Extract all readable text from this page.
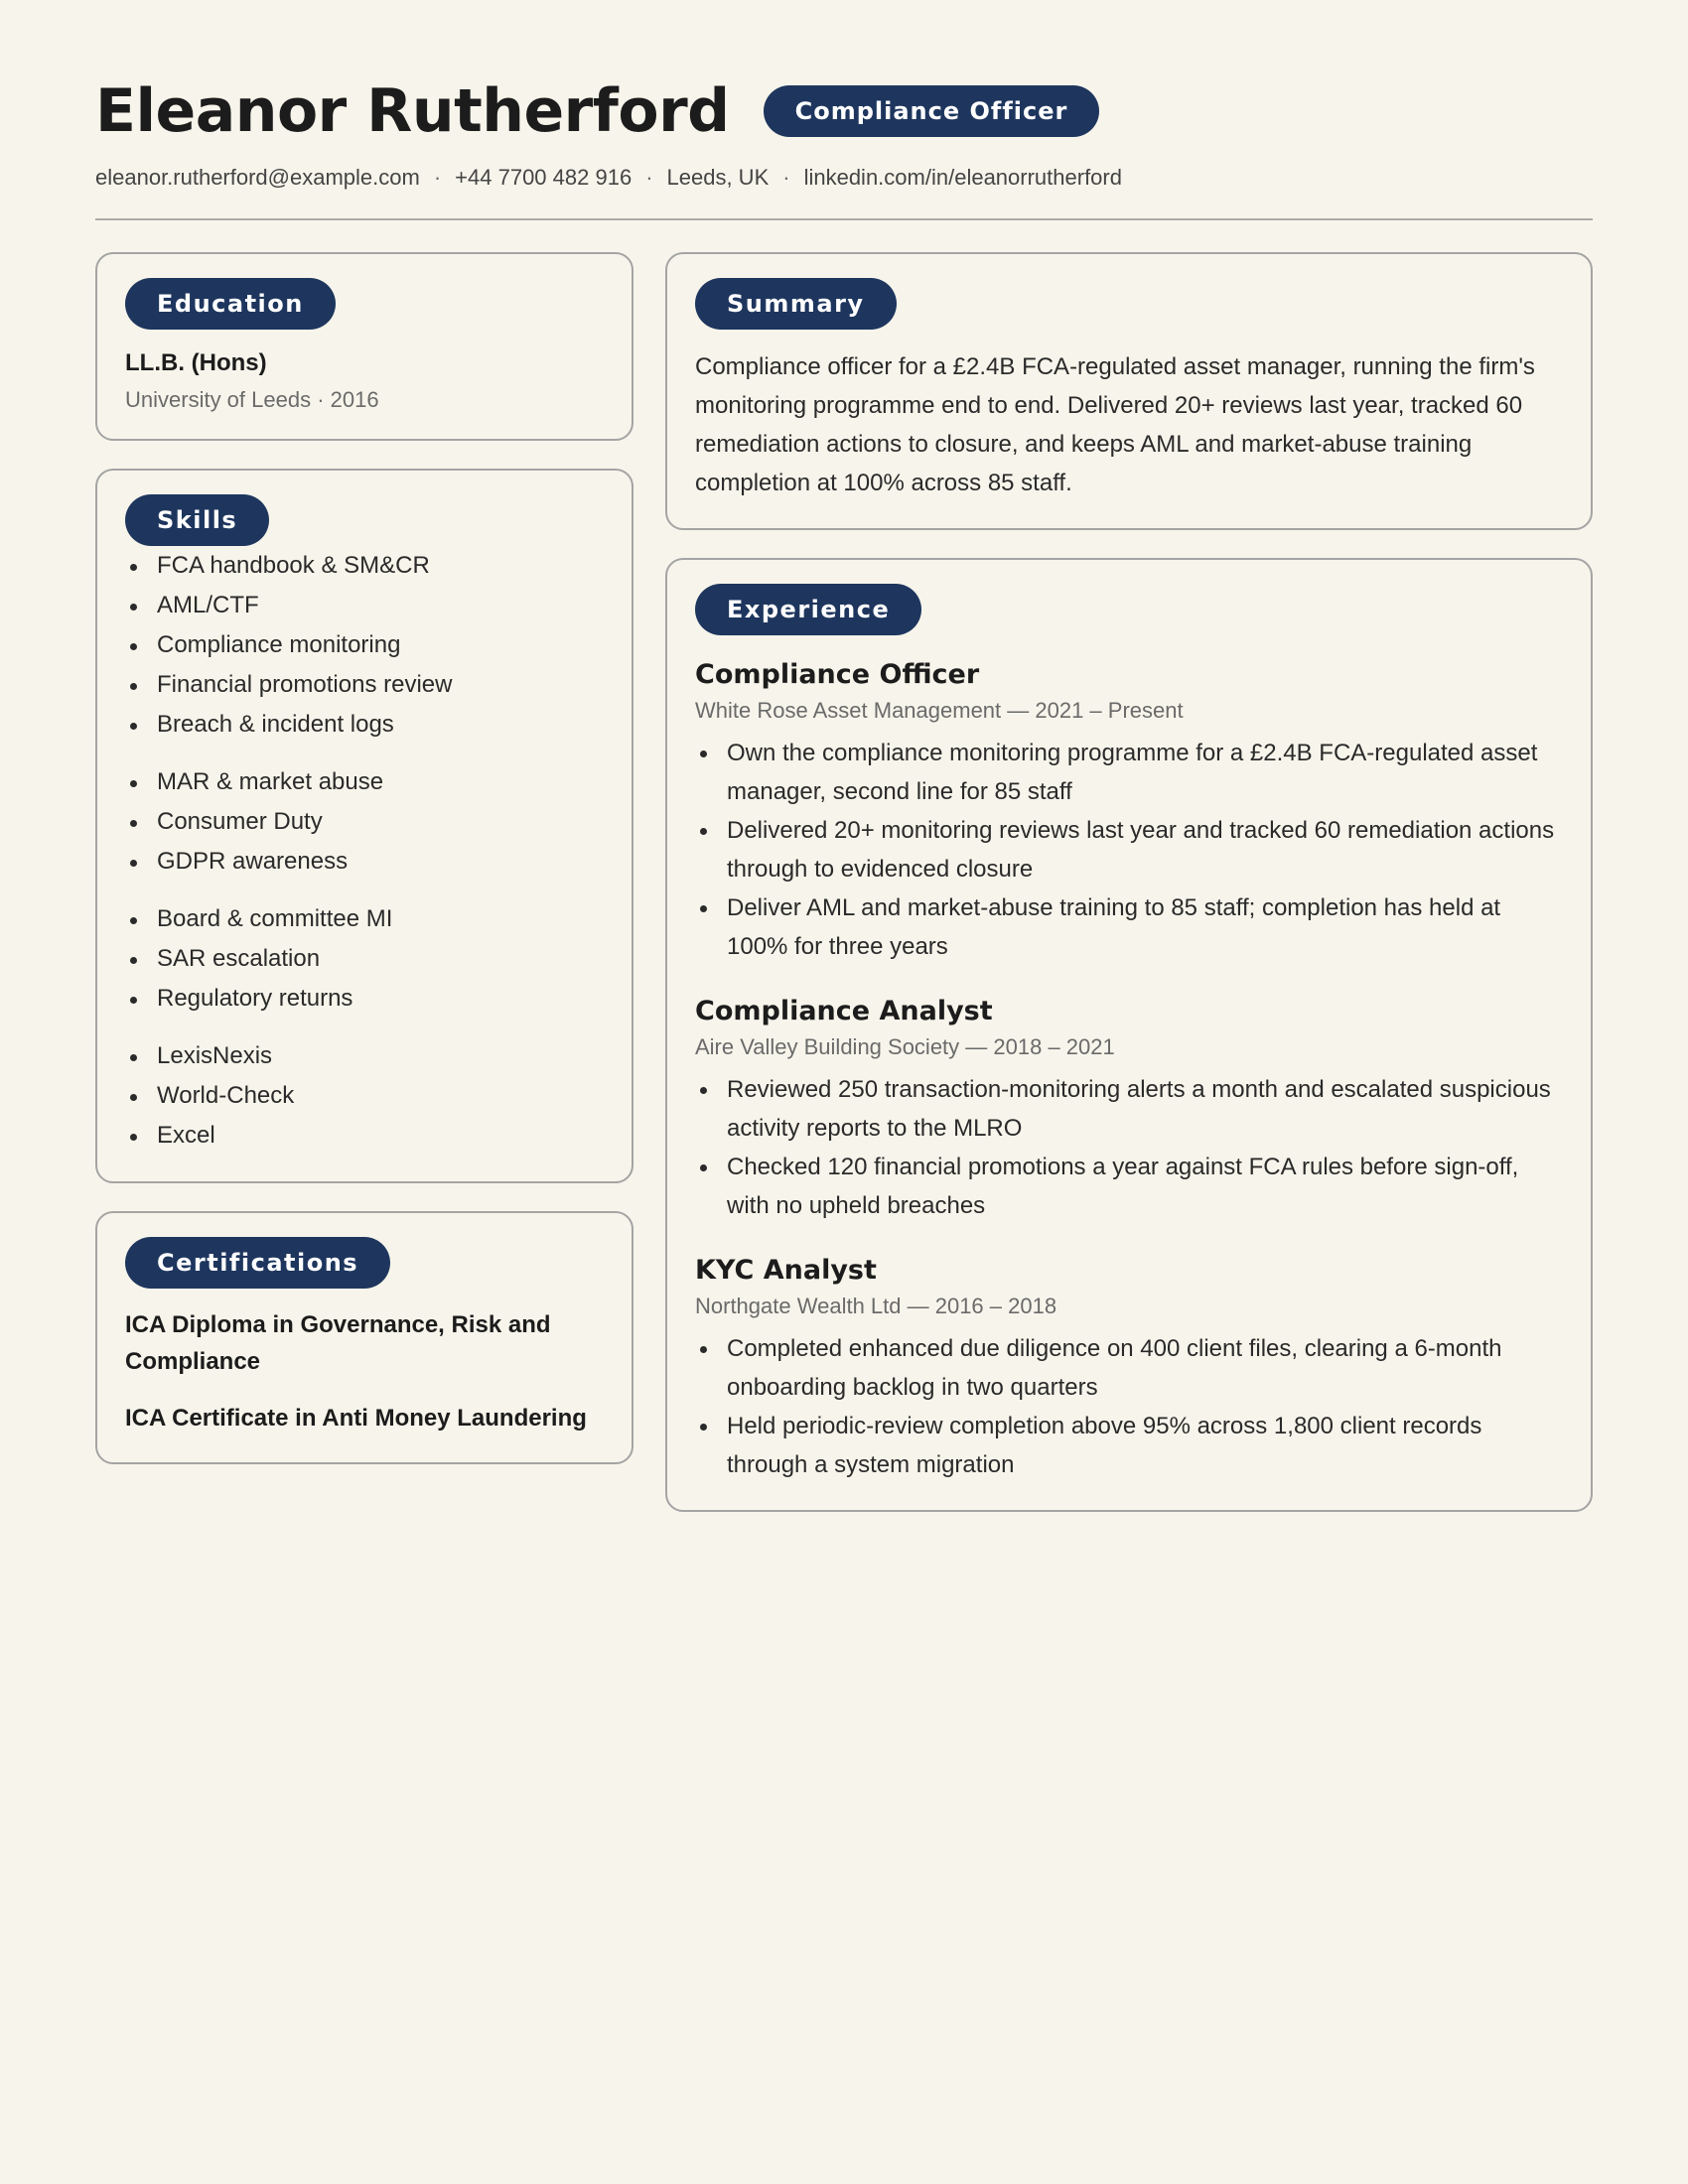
Eleanor Rutherford	Compliance Officer
eleanor.rutherford@example.com · +44 7700 482 916 · Leeds, UK · linkedin.com/in/eleanorrutherford
Education
LL.B. (Hons)
University of Leeds · 2016
Skills
FCA handbook & SM&CR
AML/CTF
Compliance monitoring
Financial promotions review
Breach & incident logs
MAR & market abuse
Consumer Duty
GDPR awareness
Board & committee MI
SAR escalation
Regulatory returns
LexisNexis
World-Check
Excel
Certifications
ICA Diploma in Governance, Risk and Compliance
ICA Certificate in Anti Money Laundering
Summary
Compliance officer for a £2.4B FCA-regulated asset manager, running the firm's monitoring programme end to end. Delivered 20+ reviews last year, tracked 60 remediation actions to closure, and keeps AML and market-abuse training completion at 100% across 85 staff.
Experience
Compliance Officer
White Rose Asset Management — 2021 – Present
Own the compliance monitoring programme for a £2.4B FCA-regulated asset manager, second line for 85 staff
Delivered 20+ monitoring reviews last year and tracked 60 remediation actions through to evidenced closure
Deliver AML and market-abuse training to 85 staff; completion has held at 100% for three years
Compliance Analyst
Aire Valley Building Society — 2018 – 2021
Reviewed 250 transaction-monitoring alerts a month and escalated suspicious activity reports to the MLRO
Checked 120 financial promotions a year against FCA rules before sign-off, with no upheld breaches
KYC Analyst
Northgate Wealth Ltd — 2016 – 2018
Completed enhanced due diligence on 400 client files, clearing a 6-month onboarding backlog in two quarters
Held periodic-review completion above 95% across 1,800 client records through a system migration
